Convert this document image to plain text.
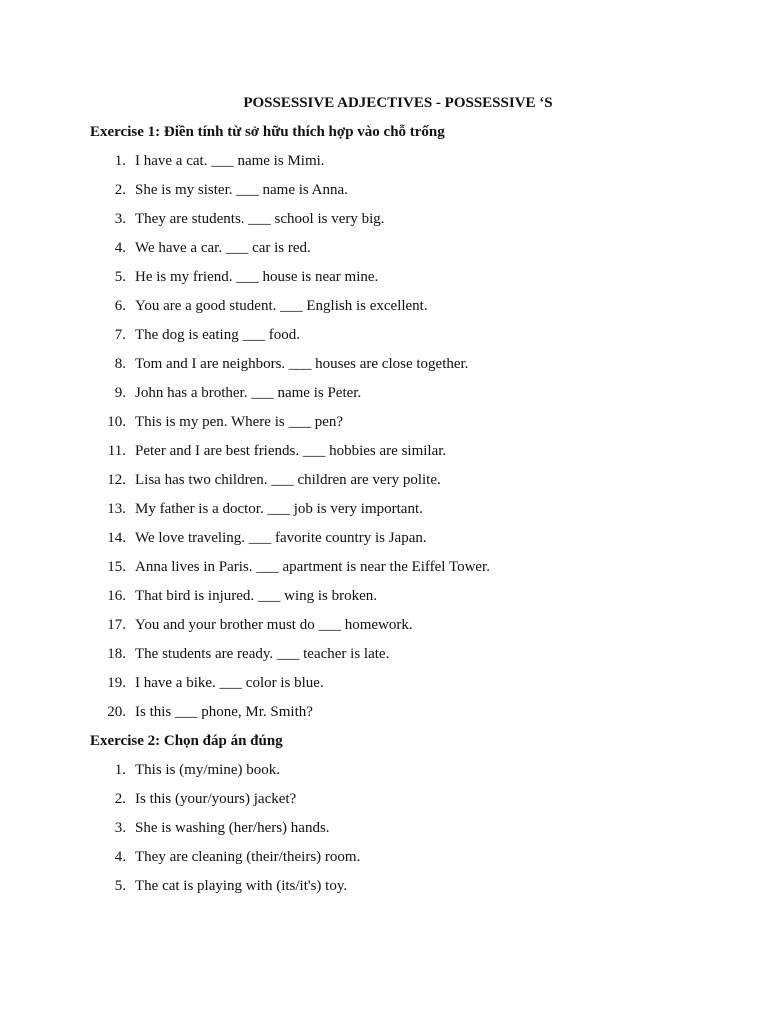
POSSESSIVE ADJECTIVES - POSSESSIVE ‘S
Exercise 1: Điền tính từ sở hữu thích hợp vào chỗ trống
1. I have a cat. ___ name is Mimi.
2. She is my sister. ___ name is Anna.
3. They are students. ___ school is very big.
4. We have a car. ___ car is red.
5. He is my friend. ___ house is near mine.
6. You are a good student. ___ English is excellent.
7. The dog is eating ___ food.
8. Tom and I are neighbors. ___ houses are close together.
9. John has a brother. ___ name is Peter.
10. This is my pen. Where is ___ pen?
11. Peter and I are best friends. ___ hobbies are similar.
12. Lisa has two children. ___ children are very polite.
13. My father is a doctor. ___ job is very important.
14. We love traveling. ___ favorite country is Japan.
15. Anna lives in Paris. ___ apartment is near the Eiffel Tower.
16. That bird is injured. ___ wing is broken.
17. You and your brother must do ___ homework.
18. The students are ready. ___ teacher is late.
19. I have a bike. ___ color is blue.
20. Is this ___ phone, Mr. Smith?
Exercise 2: Chọn đáp án đúng
1. This is (my/mine) book.
2. Is this (your/yours) jacket?
3. She is washing (her/hers) hands.
4. They are cleaning (their/theirs) room.
5. The cat is playing with (its/it's) toy.
